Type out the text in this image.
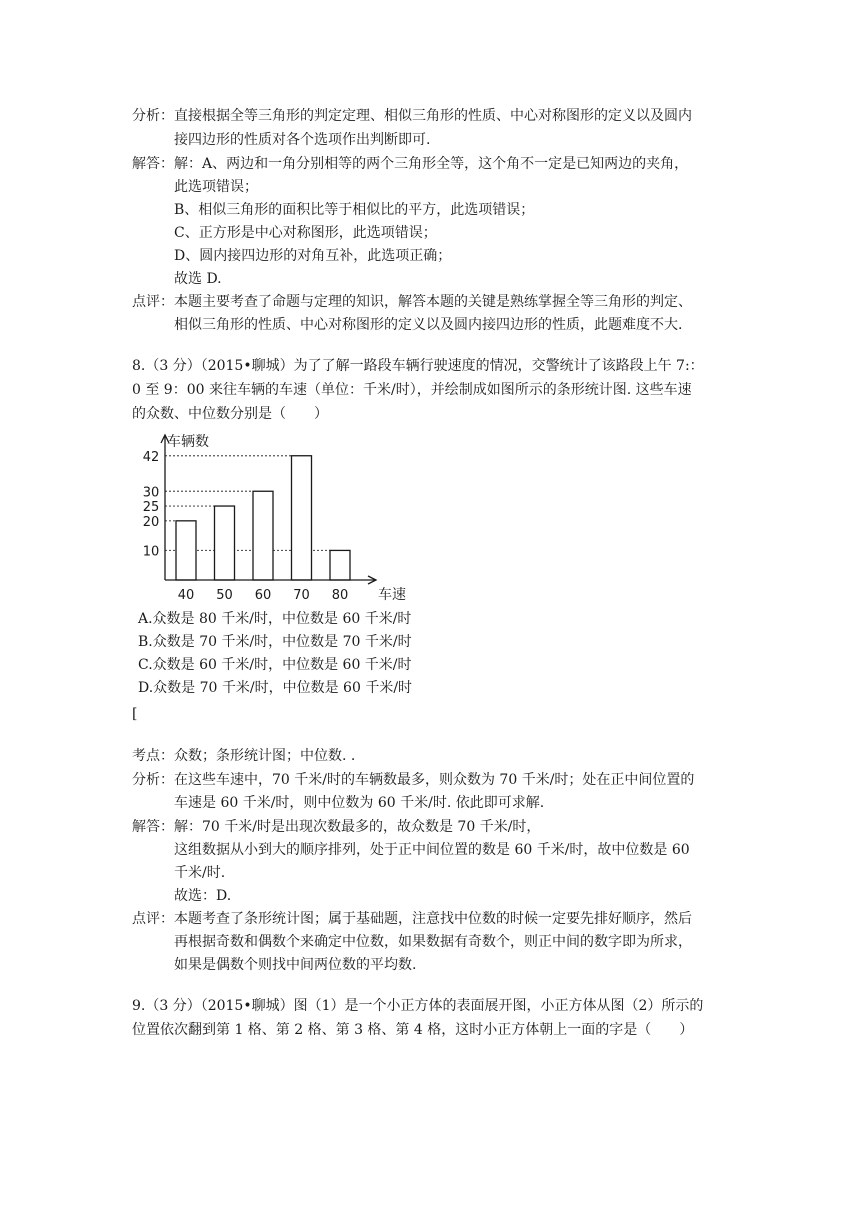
分析：直接根据全等三角形的判定定理、相似三角形的性质、中心对称图形的定义以及圆内
接四边形的性质对各个选项作出判断即可.
解答：解：A、两边和一角分别相等的两个三角形全等，这个角不一定是已知两边的夹角，
此选项错误；
B、相似三角形的面积比等于相似比的平方，此选项错误；
C、正方形是中心对称图形，此选项错误；
D、圆内接四边形的对角互补，此选项正确；
故选 D.
点评：本题主要考查了命题与定理的知识，解答本题的关键是熟练掌握全等三角形的判定、
相似三角形的性质、中心对称图形的定义以及圆内接四边形的性质，此题难度不大.
8.（3 分）（2015•聊城）为了了解一路段车辆行驶速度的情况，交警统计了该路段上午 7:：
0 至 9：00 来往车辆的车速（单位：千米/时），并绘制成如图所示的条形统计图. 这些车速
的众数、中位数分别是（　　）
10
20
25
30
42
40 50 60 70 80
车辆数
车速
A.众数是 80 千米/时，中位数是 60 千米/时
B.众数是 70 千米/时，中位数是 70 千米/时
C.众数是 60 千米/时，中位数是 60 千米/时
D.众数是 70 千米/时，中位数是 60 千米/时
[
考点：众数；条形统计图；中位数. .
分析：在这些车速中，70 千米/时的车辆数最多，则众数为 70 千米/时；处在正中间位置的
车速是 60 千米/时，则中位数为 60 千米/时. 依此即可求解.
解答：解：70 千米/时是出现次数最多的，故众数是 70 千米/时，
这组数据从小到大的顺序排列，处于正中间位置的数是 60 千米/时，故中位数是 60
千米/时.
故选：D.
点评：本题考查了条形统计图；属于基础题，注意找中位数的时候一定要先排好顺序，然后
再根据奇数和偶数个来确定中位数，如果数据有奇数个，则正中间的数字即为所求，
如果是偶数个则找中间两位数的平均数.
9.（3 分）（2015•聊城）图（1）是一个小正方体的表面展开图，小正方体从图（2）所示的
位置依次翻到第 1 格、第 2 格、第 3 格、第 4 格，这时小正方体朝上一面的字是（　　）
